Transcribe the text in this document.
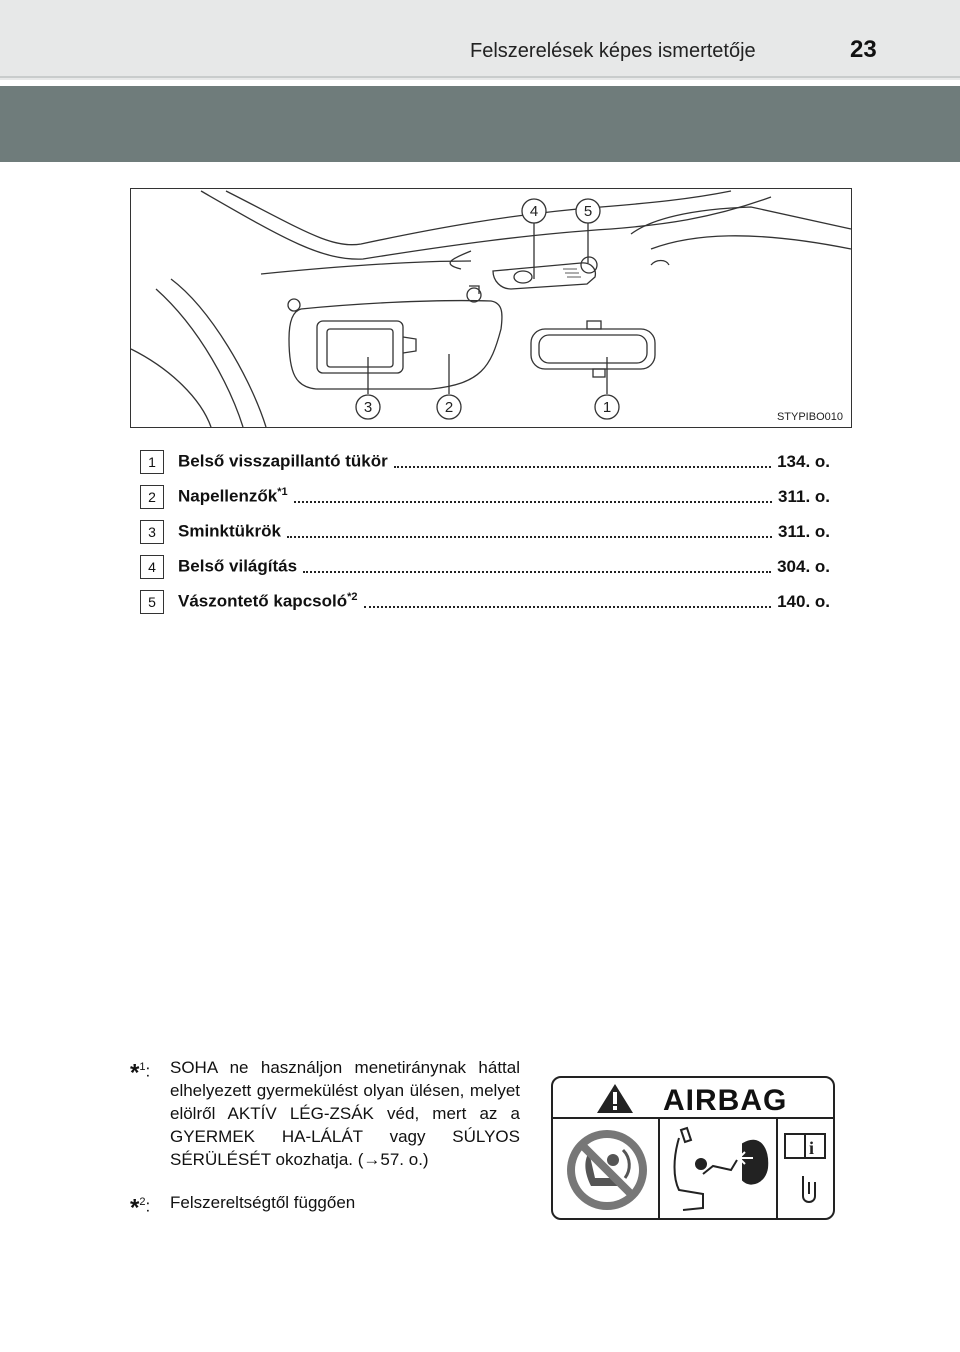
Felszerelések képes ismertetője	23
4	5
3	2	1
STYPIBO010
1	Belső visszapillantó tükör	134. o.
2	Napellenzők$^{*1}$	311. o.
3	Sminktükrök	311. o.
4	Belső világítás	304. o.
5	Vászontető kapcsoló$^{*2}$	140. o.
*$^1$:	SOHA ne használjon menetiránynak háttal elhelyezett gyermekülést olyan ülésen, melyet elölről AKTÍV LÉG-ZSÁK véd, mert az a GYERMEK HA-LÁLÁT vagy SÚLYOS SÉRÜLÉSÉT okozhatja. (→57. o.)
*$^2$:	Felszereltségtől függően
i
AIRBAG
